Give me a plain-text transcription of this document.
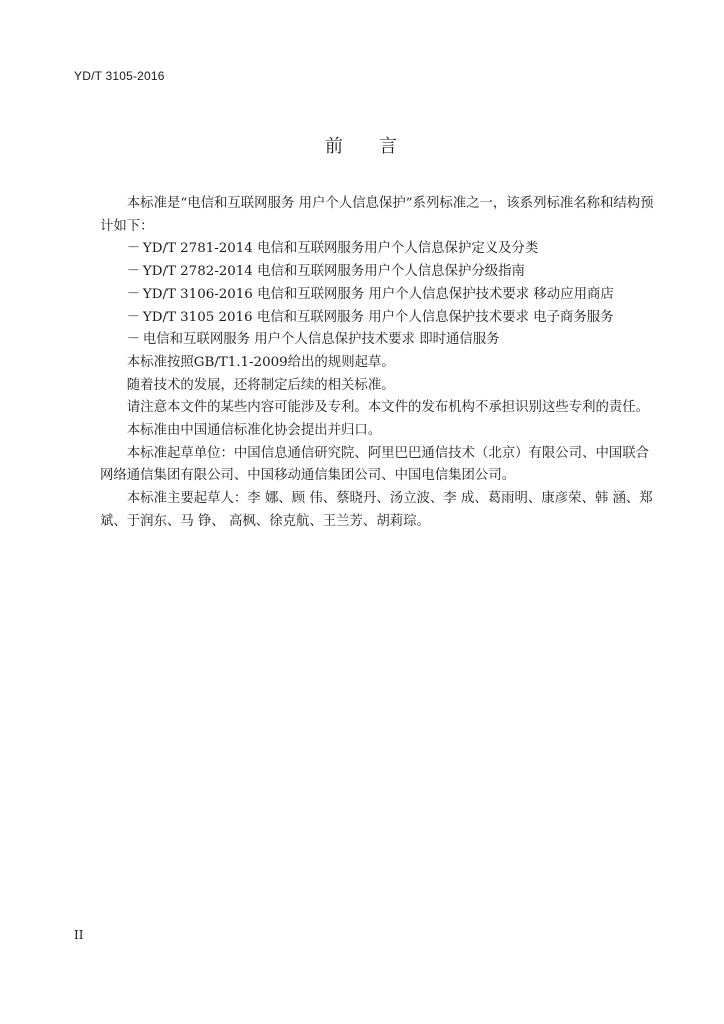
YD/T 3105-2016
前 言

本标准是“电信和互联网服务 用户个人信息保护”系列标准之一，该系列标准名称和结构预计如下：

－ YD/T 2781-2014 电信和互联网服务用户个人信息保护定义及分类

－ YD/T 2782-2014 电信和互联网服务用户个人信息保护分级指南

－ YD/T 3106-2016 电信和互联网服务 用户个人信息保护技术要求 移动应用商店

－ YD/T 3105 2016 电信和互联网服务 用户个人信息保护技术要求 电子商务服务

－ 电信和互联网服务 用户个人信息保护技术要求 即时通信服务

本标准按照GB/T1.1-2009给出的规则起草。

随着技术的发展，还将制定后续的相关标准。

请注意本文件的某些内容可能涉及专利。本文件的发布机构不承担识别这些专利的责任。

本标准由中国通信标准化协会提出并归口。

本标准起草单位：中国信息通信研究院、阿里巴巴通信技术（北京）有限公司、中国联合网络通信集团有限公司、中国移动通信集团公司、中国电信集团公司。

本标准主要起草人：李 娜、顾 伟、蔡晓丹、汤立波、李 成、葛雨明、康彦荣、韩 涵、郑 斌、于润东、马 铮、 高枫、徐克航、王兰芳、胡莉琮。

II
